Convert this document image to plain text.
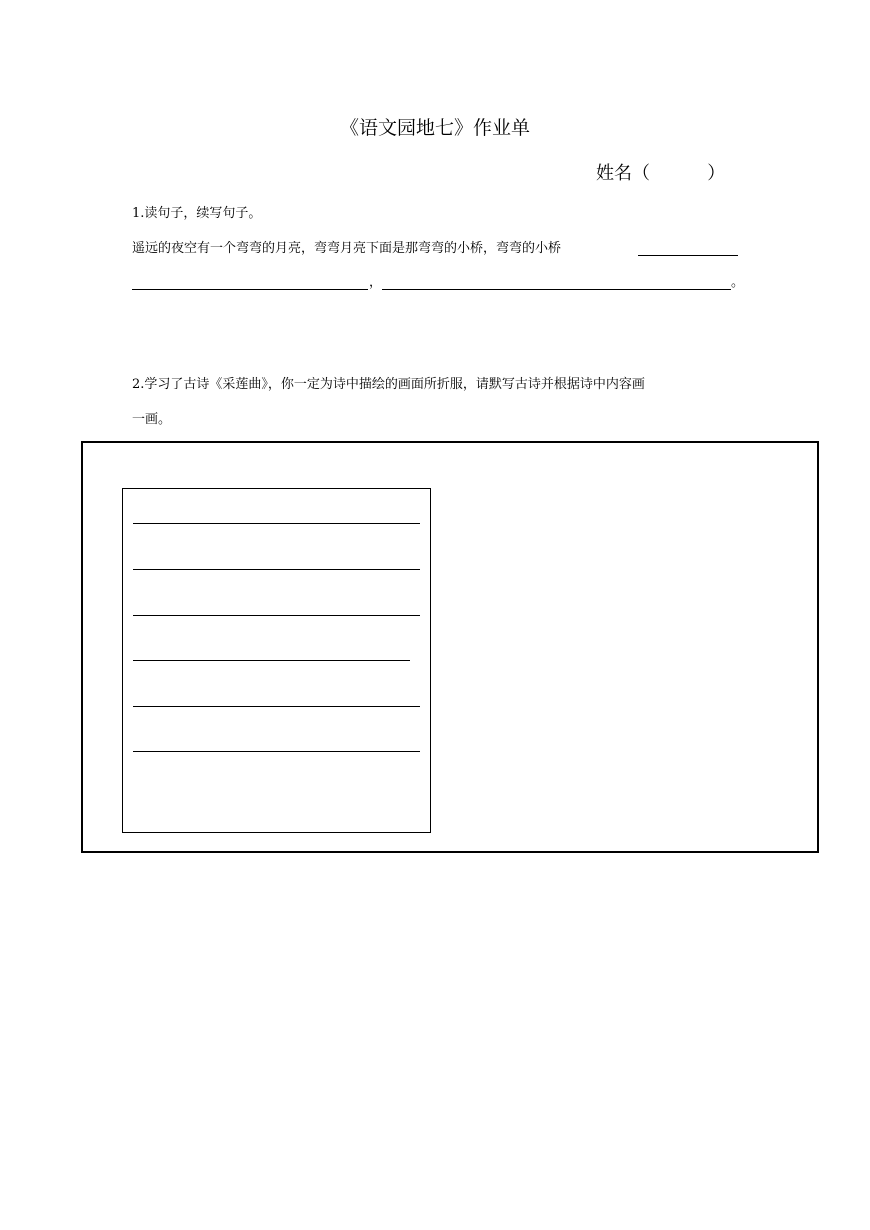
《语文园地七》作业单
姓名（          ）
1.读句子，续写句子。
遥远的夜空有一个弯弯的月亮，弯弯月亮下面是那弯弯的小桥，弯弯的小桥
，	。
2.学习了古诗《采莲曲》，你一定为诗中描绘的画面所折服，请默写古诗并根据诗中内容画
一画。
